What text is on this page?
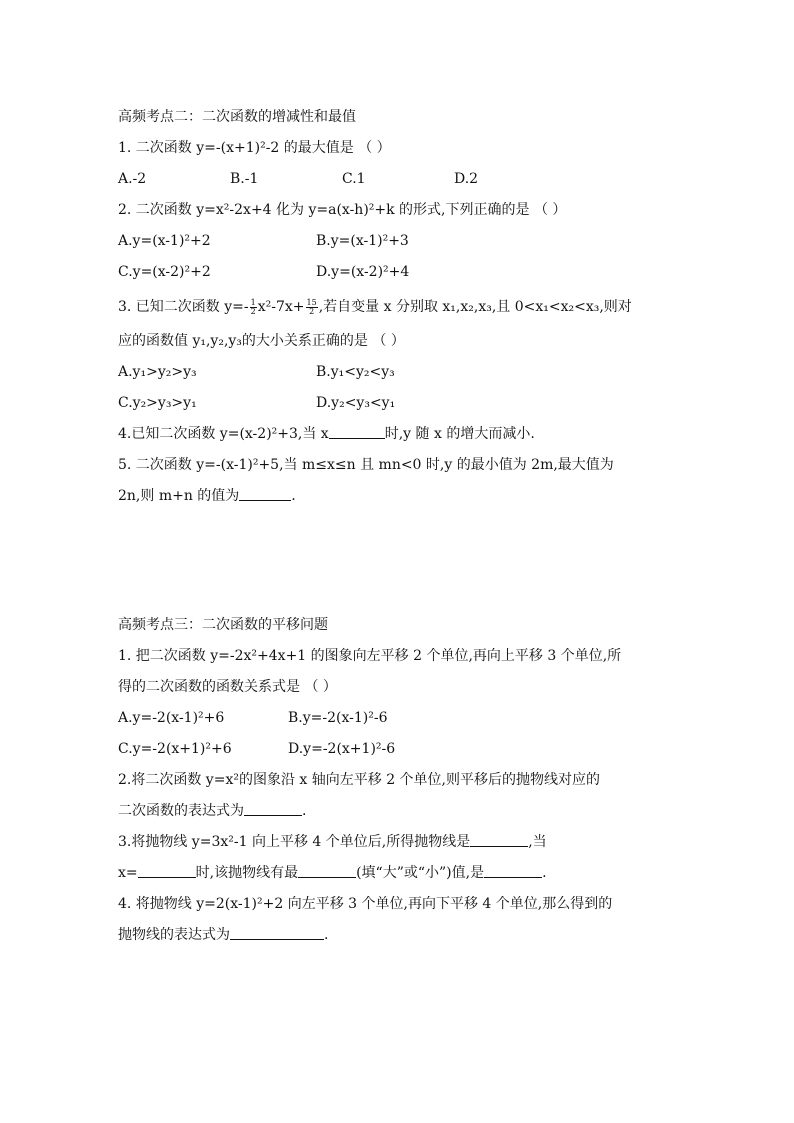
高频考点二：二次函数的增减性和最值
1. 二次函数 y=-(x+1)²-2 的最大值是 （ ）
A.-2	B.-1	C.1	D.2
2. 二次函数 y=x²-2x+4 化为 y=a(x-h)²+k 的形式,下列正确的是 （ ）
A.y=(x-1)²+2	B.y=(x-1)²+3
C.y=(x-2)²+2	D.y=(x-2)²+4
3. 已知二次函数 $y=- \frac{1}{2} x^2-7x+ \frac{15}{2}$ ,若自变量 x 分别取 x₁,x₂,x₃,且 0<x₁<x₂<x₃,则对
应的函数值 y₁,y₂,y₃的大小关系正确的是 （ ）
A.y₁>y₂>y₃	B.y₁<y₂<y₃
C.y₂>y₃>y₁	D.y₂<y₃<y₁
4.已知二次函数 y=(x-2)²+3,当 x	时,y 随 x 的增大而减小.
5. 二次函数 y=-(x-1)²+5,当 m≤x≤n 且 mn<0 时,y 的最小值为 2m,最大值为
2n,则 m+n 的值为	.
高频考点三：二次函数的平移问题
1. 把二次函数 y=-2x²+4x+1 的图象向左平移 2 个单位,再向上平移 3 个单位,所
得的二次函数的函数关系式是 （ ）
A.y=-2(x-1)²+6	B.y=-2(x-1)²-6
C.y=-2(x+1)²+6	D.y=-2(x+1)²-6
2.将二次函数 y=x²的图象沿 x 轴向左平移 2 个单位,则平移后的抛物线对应的
二次函数的表达式为	.
3.将抛物线 y=3x²-1 向上平移 4 个单位后,所得抛物线是	,当
x=	时,该抛物线有最	(填“大”或“小”)值,是	.
4. 将抛物线 y=2(x-1)²+2 向左平移 3 个单位,再向下平移 4 个单位,那么得到的
抛物线的表达式为	.
